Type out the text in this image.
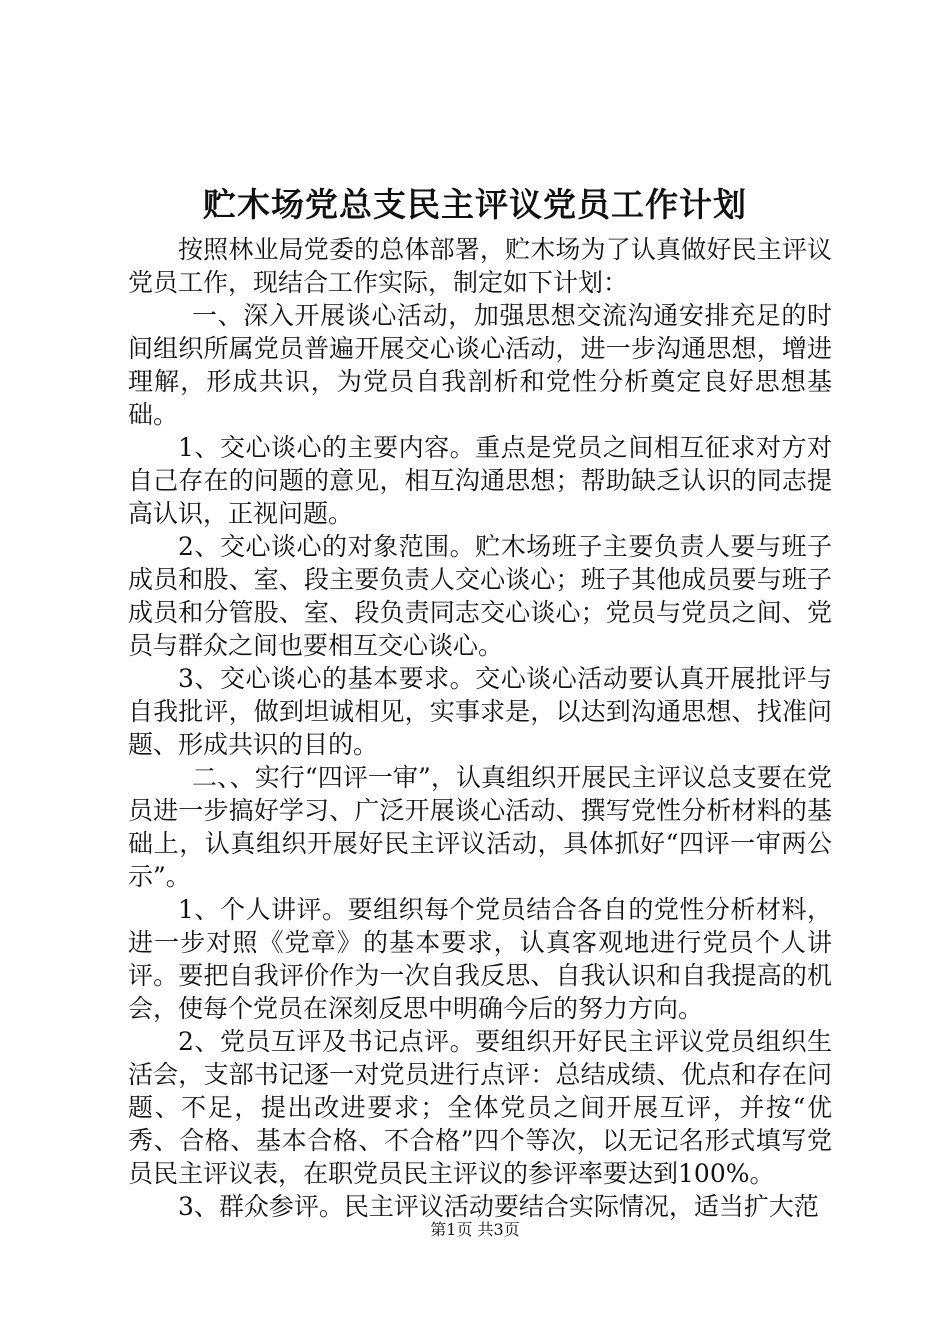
贮木场党总支民主评议党员工作计划

按照林业局党委的总体部署，贮木场为了认真做好民主评议党员工作，现结合工作实际，制定如下计划：

一、深入开展谈心活动，加强思想交流沟通安排充足的时间组织所属党员普遍开展交心谈心活动，进一步沟通思想，增进理解，形成共识，为党员自我剖析和党性分析奠定良好思想基础。

1、交心谈心的主要内容。重点是党员之间相互征求对方对自己存在的问题的意见，相互沟通思想；帮助缺乏认识的同志提高认识，正视问题。

2、交心谈心的对象范围。贮木场班子主要负责人要与班子成员和股、室、段主要负责人交心谈心；班子其他成员要与班子成员和分管股、室、段负责同志交心谈心；党员与党员之间、党员与群众之间也要相互交心谈心。

3、交心谈心的基本要求。交心谈心活动要认真开展批评与自我批评，做到坦诚相见，实事求是，以达到沟通思想、找准问题、形成共识的目的。

二、、实行“四评一审”，认真组织开展民主评议总支要在党员进一步搞好学习、广泛开展谈心活动、撰写党性分析材料的基础上，认真组织开展好民主评议活动，具体抓好“四评一审两公示”。

1、个人讲评。要组织每个党员结合各自的党性分析材料，进一步对照《党章》的基本要求，认真客观地进行党员个人讲评。要把自我评价作为一次自我反思、自我认识和自我提高的机会，使每个党员在深刻反思中明确今后的努力方向。

2、党员互评及书记点评。要组织开好民主评议党员组织生活会，支部书记逐一对党员进行点评：总结成绩、优点和存在问题、不足，提出改进要求；全体党员之间开展互评，并按“优秀、合格、基本合格、不合格”四个等次，以无记名形式填写党员民主评议表，在职党员民主评议的参评率要达到100%。

3、群众参评。民主评议活动要结合实际情况，适当扩大范

第1页 共3页
